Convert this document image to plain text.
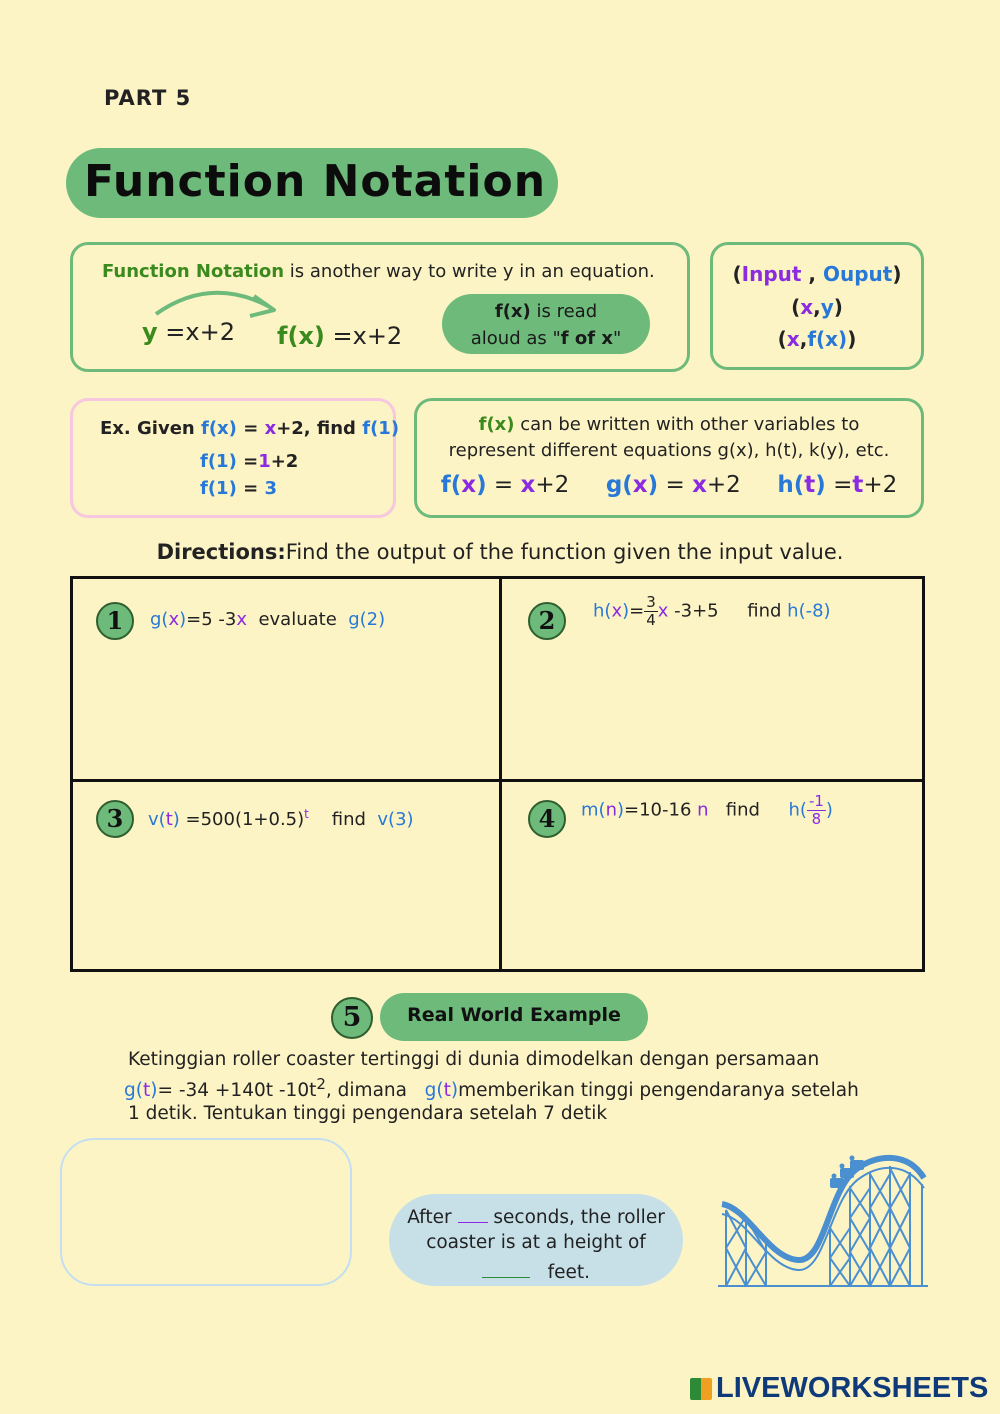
PART 5
Function Notation
Function Notation is another way to write y in an equation.
y =x+2 f(x) =x+2
f(x) is read
aloud as "f of x"
(Input , Ouput)
(x,y)
(x,f(x))
Ex. Given f(x) = x+2, find f(1)
f(1) =1+2
f(1) = 3
f(x) can be written with other variables to
represent different equations g(x), h(t), k(y), etc.
f(x) = x+2 g(x) = x+2 h(t) =t+2
Directions:Find the output of the function given the input value.
1	g(x)=5 -3x evaluate g(2)	2	$h(x)= \frac{3}{4}$ x -3+5 find h(-8)
3	$v(t) =500(1+0.5)^t$ find v(3)	4	m(n)=10-16 n find $h( \frac{-1}{8}$ )
5	Real World Example
Ketinggian roller coaster tertinggi di dunia dimodelkan dengan persamaan
g(t)= -34 +140t $-10t^2$, dimana g(t)memberikan tinggi pengendaranya setelah
1 detik. Tentukan tinggi pengendara setelah 7 detik
After seconds, the roller
coaster is at a height of
feet.
LIVEWORKSHEETS
